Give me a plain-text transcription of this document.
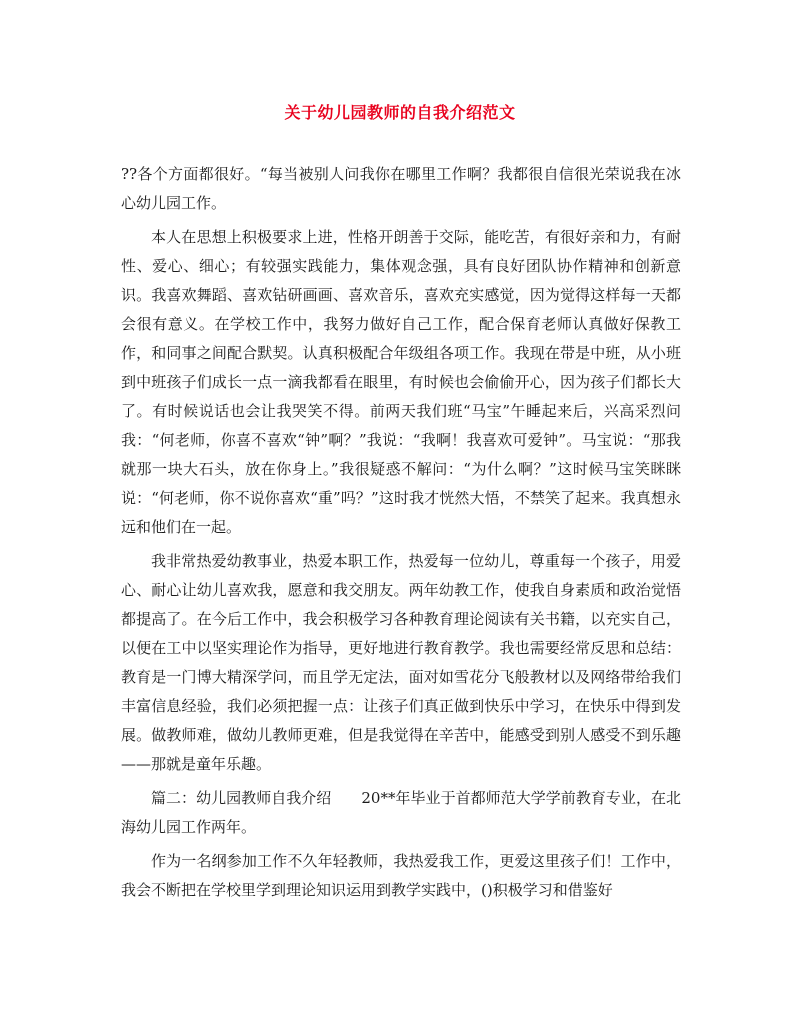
关于幼儿园教师的自我介绍范文

??各个方面都很好。“每当被别人问我你在哪里工作啊？我都很自信很光荣说我在冰心幼儿园工作。

本人在思想上积极要求上进，性格开朗善于交际，能吃苦，有很好亲和力，有耐性、爱心、细心；有较强实践能力，集体观念强，具有良好团队协作精神和创新意识。我喜欢舞蹈、喜欢钻研画画、喜欢音乐，喜欢充实感觉，因为觉得这样每一天都会很有意义。在学校工作中，我努力做好自己工作，配合保育老师认真做好保教工作，和同事之间配合默契。认真积极配合年级组各项工作。我现在带是中班，从小班到中班孩子们成长一点一滴我都看在眼里，有时候也会偷偷开心，因为孩子们都长大了。有时候说话也会让我哭笑不得。前两天我们班“马宝”午睡起来后，兴高采烈问我：“何老师，你喜不喜欢“钟”啊？”我说：“我啊！我喜欢可爱钟”。马宝说：“那我就那一块大石头，放在你身上。”我很疑惑不解问：“为什么啊？”这时候马宝笑眯眯说：“何老师，你不说你喜欢“重”吗？”这时我才恍然大悟，不禁笑了起来。我真想永远和他们在一起。

我非常热爱幼教事业，热爱本职工作，热爱每一位幼儿，尊重每一个孩子，用爱心、耐心让幼儿喜欢我，愿意和我交朋友。两年幼教工作，使我自身素质和政治觉悟都提高了。在今后工作中，我会积极学习各种教育理论阅读有关书籍，以充实自己，以便在工中以坚实理论作为指导，更好地进行教育教学。我也需要经常反思和总结：教育是一门博大精深学问，而且学无定法，面对如雪花分飞般教材以及网络带给我们丰富信息经验，我们必须把握一点：让孩子们真正做到快乐中学习，在快乐中得到发展。做教师难，做幼儿教师更难，但是我觉得在辛苦中，能感受到别人感受不到乐趣——那就是童年乐趣。

篇二：幼儿园教师自我介绍　　20**年毕业于首都师范大学学前教育专业，在北海幼儿园工作两年。

作为一名纲参加工作不久年轻教师，我热爱我工作，更爱这里孩子们！工作中，我会不断把在学校里学到理论知识运用到教学实践中，()积极学习和借鉴好
